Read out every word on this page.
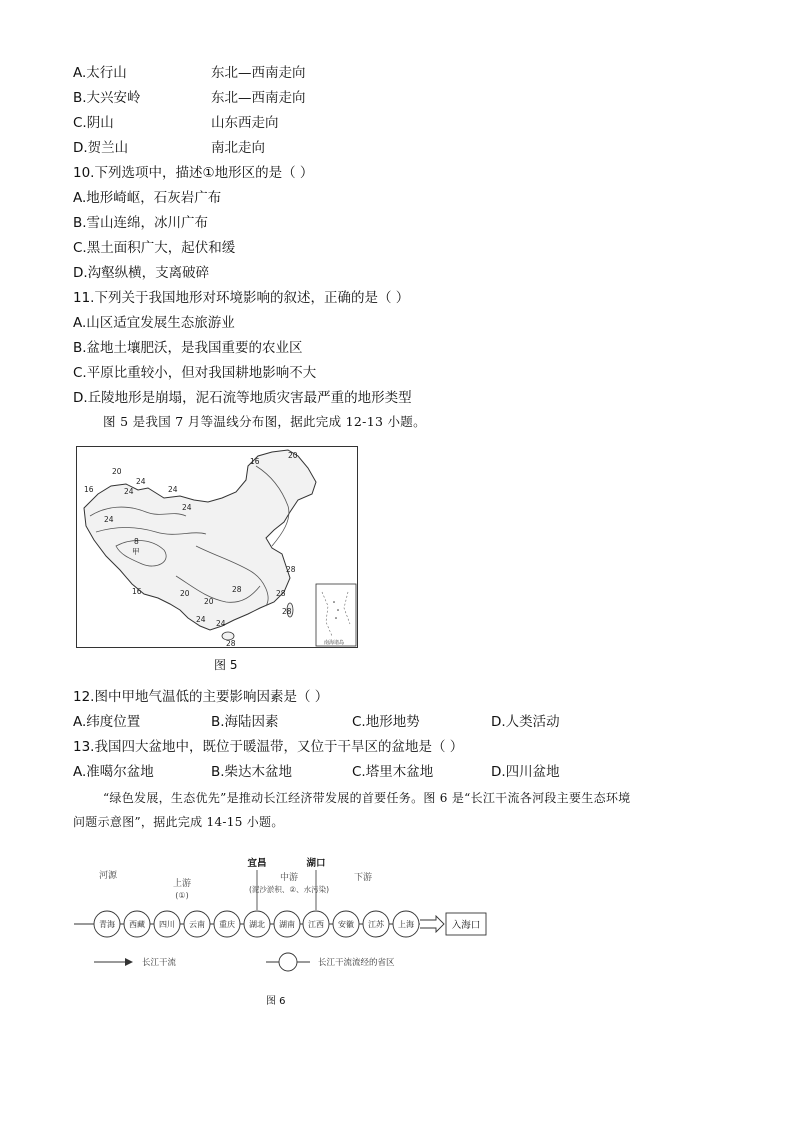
A.太行山	东北—西南走向
B.大兴安岭	东北—西南走向
C.阴山	山东西走向
D.贺兰山	南北走向
10.下列选项中，描述①地形区的是（ ）
A.地形崎岖，石灰岩广布
B.雪山连绵，冰川广布
C.黑土面积广大，起伏和缓
D.沟壑纵横，支离破碎
11.下列关于我国地形对环境影响的叙述，正确的是（ ）
A.山区适宜发展生态旅游业
B.盆地土壤肥沃，是我国重要的农业区
C.平原比重较小，但对我国耕地影响不大
D.丘陵地形是崩塌，泥石流等地质灾害最严重的地形类型
图 5 是我国 7 月等温线分布图，据此完成 12-13 小题。
南海诸岛
16
20
20
24
24
16	24
24
8
甲
24
16	20
20
24
28
28
28
28
24
28
图 5
12.图中甲地气温低的主要影响因素是（ ）
A.纬度位置	B.海陆因素	C.地形地势	D.人类活动
13.我国四大盆地中，既位于暖温带，又位于干旱区的盆地是（ ）
A.准噶尔盆地	B.柴达木盆地	C.塔里木盆地	D.四川盆地
“绿色发展，生态优先”是推动长江经济带发展的首要任务。图 6 是“长江干流各河段主要生态环境
问题示意图”，据此完成 14-15 小题。
河源
上游
(①)
宜昌	湖口
中游
(泥沙淤积、②、水污染)
下游
青海 西藏 四川 云南 重庆 湖北 湖南 江西 安徽 江苏 上海	入海口
长江干流	长江干流流经的省区
图 6
